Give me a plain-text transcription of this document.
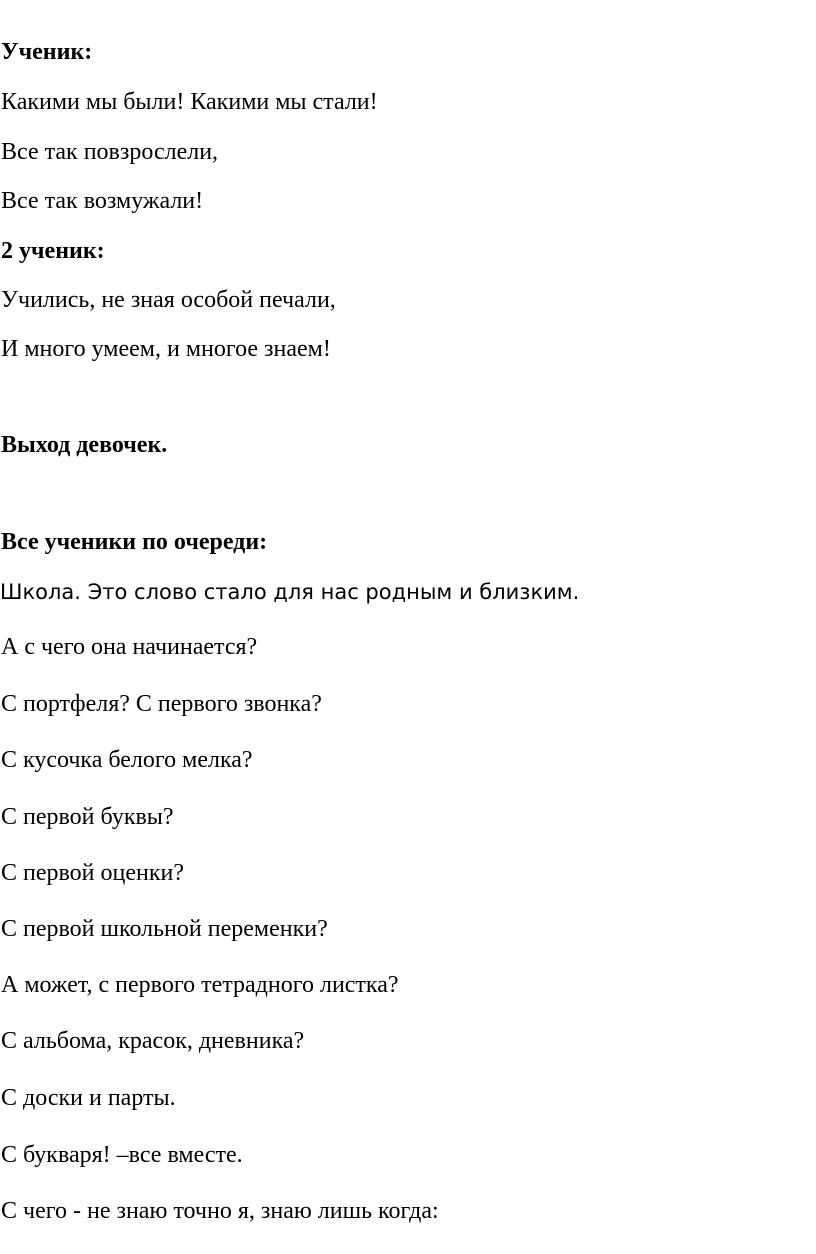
Ученик:
Какими мы были! Какими мы стали!
Все так повзрослели,
Все так возмужали!
2 ученик:
Учились, не зная особой печали,
И много умеем, и многое знаем!
Выход девочек.
Все ученики по очереди:
Школа. Это слово стало для нас родным и близким.
А с чего она начинается?
С портфеля? С первого звонка?
С кусочка белого мелка?
С первой буквы?
С первой оценки?
С первой школьной переменки?
А может, с первого тетрадного листка?
С альбома, красок, дневника?
С доски и парты.
С букваря! –все вместе.
С чего - не знаю точно я, знаю лишь когда:
